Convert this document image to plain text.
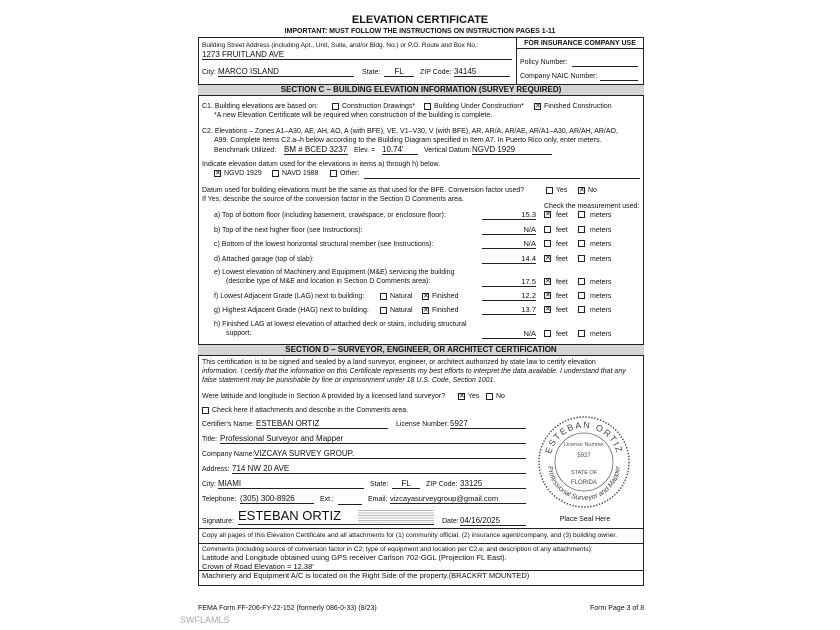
ELEVATION CERTIFICATE
IMPORTANT: MUST FOLLOW THE INSTRUCTIONS ON INSTRUCTION PAGES 1-11
Building Street Address (including Apt., Unit, Suite, and/or Bldg. No.) or P.O. Route and Box No.:
1273 FRUITLAND AVE
City: MARCO ISLAND	State:	FL	ZIP Code: 34145
FOR INSURANCE COMPANY USE
Policy Number:
Company NAIC Number:
SECTION C – BUILDING ELEVATION INFORMATION (SURVEY REQUIRED)
C1. Building elevations are based on:	Construction Drawings*	Building Under Construction* ✕	Finished Construction
*A new Elevation Certificate will be required when construction of the building is complete.
C2. Elevations – Zones A1–A30, AE, AH, AO, A (with BFE), VE, V1–V30, V (with BFE), AR, AR/A, AR/AE, AR/A1–A30, AR/AH, AR/AO,
A99. Complete Items C2.a–h below according to the Building Diagram specified in Item A7. In Puerto Rico only, enter meters.
Benchmark Utilized: BM # BCED 3237 Elev. = 10.74'	Vertical Datum: NGVD 1929
Indicate elevation datum used for the elevations in items a) through h) below.
✕
NGVD 1929	NAVD 1988	Other:
Datum used for building elevations must be the same as that used for the BFE. Conversion factor used?	Yes ✕	No
If Yes, describe the source of the conversion factor in the Section D Comments area.
Check the measurement used:
a) Top of bottom floor (including basement, crawlspace, or enclosure floor):	15.3 ✕	feet	meters
b) Top of the next higher floor (see Instructions):	N/A	feet	meters
c) Bottom of the lowest horizontal structural member (see Instructions):	N/A	feet	meters
d) Attached garage (top of slab):	14.4 ✕	feet	meters
e) Lowest elevation of Machinery and Equipment (M&E) servicing the building
(describe type of M&E and location in Section D Comments area):	17.5 ✕	feet	meters
f) Lowest Adjacent Grade (LAG) next to building:	Natural ✕	Finished	12.2 ✕	feet	meters
g) Highest Adjacent Grade (HAG) next to building:	Natural ✕	Finished	13.7 ✕	feet	meters
h) Finished LAG at lowest elevation of attached deck or stairs, including structural
support:	N/A	feet	meters
SECTION D – SURVEYOR, ENGINEER, OR ARCHITECT CERTIFICATION
This certification is to be signed and sealed by a land surveyor, engineer, or architect authorized by state law to certify elevation
information. I certify that the information on this Certificate represents my best efforts to interpret the data available. I understand that any
false statement may be punishable by fine or imprisonment under 18 U.S. Code, Section 1001.
Were latitude and longitude in Section A provided by a licensed land surveyor? ✕	Yes No
Check here if attachments and describe in the Comments area.
Certifier's Name: ESTEBAN ORTIZ	License Number: 5927
Title: Professional Surveyor and Mapper
Company Name: VIZCAYA SURVEY GROUP.
Address: 714 NW 20 AVE
City: MIAMI	State:	FL	ZIP Code: 33125
Telephone: (305) 300-8926	Ext.:	Email: vizcayasurveygroup@gmail.com
Signature: ESTEBAN ORTIZ	Date: 04/16/2025
ESTEBAN ORTIZ
Professional Surveyor and Mapper
License Number
5927
STATE OF
FLORIDA
Place Seal Here
Copy all pages of this Elevation Certificate and all attachments for (1) community official, (2) insurance agent/company, and (3) building owner.
Comments (including source of conversion factor in C2; type of equipment and location per C2.e; and description of any attachments):
Latitude and Longitude obtained using GPS receiver Carlson 702-GGL (Projection FL East).
Crown of Road Elevation = 12.38'
Machinery and Equipment A/C is located on the Right Side of the property.(BRACKRT MOUNTED)
FEMA Form FF-206-FY-22-152 (formerly 086-0-33) (8/23)	Form Page 3 of 8
SWFLAMLS
